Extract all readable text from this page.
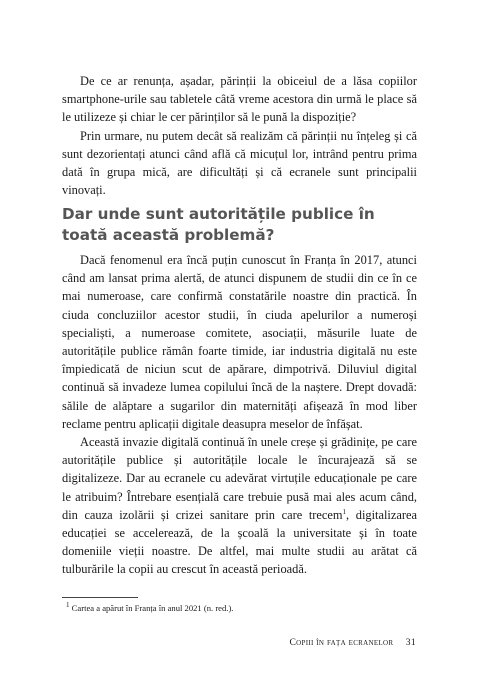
De ce ar renunța, așadar, părinții la obiceiul de a lăsa copiilor smartphone-urile sau tabletele câtă vreme acestora din urmă le place să le utilizeze și chiar le cer părinților să le pună la dispoziție?

Prin urmare, nu putem decât să realizăm că părinții nu înțeleg și că sunt dezorientați atunci când află că micuțul lor, intrând pentru prima dată în grupa mică, are dificultăți și că ecranele sunt principalii vinovați.

Dar unde sunt autoritățile publice în toată această problemă?

Dacă fenomenul era încă puțin cunoscut în Franța în 2017, atunci când am lansat prima alertă, de atunci dispunem de studii din ce în ce mai numeroase, care confirmă constatările noastre din practică. În ciuda concluziilor acestor studii, în ciuda apelurilor a numeroși specialiști, a numeroase comitete, asociații, măsurile luate de autoritățile publice rămân foarte timide, iar industria digitală nu este împiedicată de niciun scut de apărare, dimpotrivă. Diluviul digital continuă să invadeze lumea copilului încă de la naștere. Drept dovadă: sălile de alăptare a sugarilor din maternități afișează în mod liber reclame pentru aplicații digitale deasupra meselor de înfășat.

Această invazie digitală continuă în unele creșe și grădinițe, pe care autoritățile publice și autoritățile locale le încurajează să se digitalizeze. Dar au ecranele cu adevărat virtuțile educaționale pe care le atribuim? Întrebare esențială care trebuie pusă mai ales acum când, din cauza izolării și crizei sanitare prin care trecem$^1$, digitalizarea educației se accelerează, de la școală la universitate și în toate domeniile vieții noastre. De altfel, mai multe studii au arătat că tulburările la copii au crescut în această perioadă.

$^1$ Cartea a apărut în Franța în anul 2021 (n. red.).
Copiii în fața ecranelor 31
